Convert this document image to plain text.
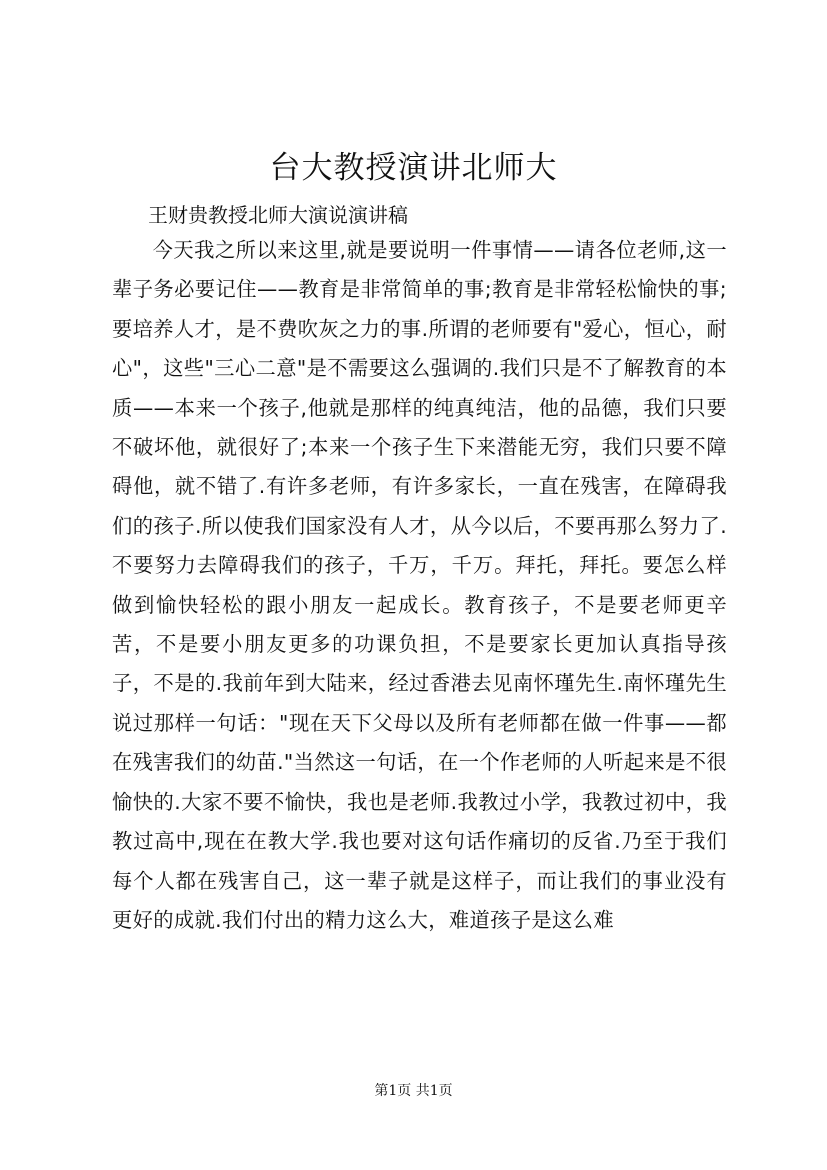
台大教授演讲北师大

王财贵教授北师大演说演讲稿

今天我之所以来这里,就是要说明一件事情——请各位老师,这一辈子务必要记住——教育是非常简单的事;教育是非常轻松愉快的事;要培养人才，是不费吹灰之力的事.所谓的老师要有"爱心，恒心，耐心"，这些"三心二意"是不需要这么强调的.我们只是不了解教育的本质——本来一个孩子,他就是那样的纯真纯洁，他的品德，我们只要不破坏他，就很好了;本来一个孩子生下来潜能无穷，我们只要不障碍他，就不错了.有许多老师，有许多家长，一直在残害，在障碍我们的孩子.所以使我们国家没有人才，从今以后，不要再那么努力了.不要努力去障碍我们的孩子，千万，千万。拜托，拜托。要怎么样做到愉快轻松的跟小朋友一起成长。教育孩子，不是要老师更辛苦，不是要小朋友更多的功课负担，不是要家长更加认真指导孩子，不是的.我前年到大陆来，经过香港去见南怀瑾先生.南怀瑾先生说过那样一句话："现在天下父母以及所有老师都在做一件事——都在残害我们的幼苗."当然这一句话，在一个作老师的人听起来是不很愉快的.大家不要不愉快，我也是老师.我教过小学，我教过初中，我教过高中,现在在教大学.我也要对这句话作痛切的反省.乃至于我们每个人都在残害自己，这一辈子就是这样子，而让我们的事业没有更好的成就.我们付出的精力这么大，难道孩子是这么难

第1页 共1页
